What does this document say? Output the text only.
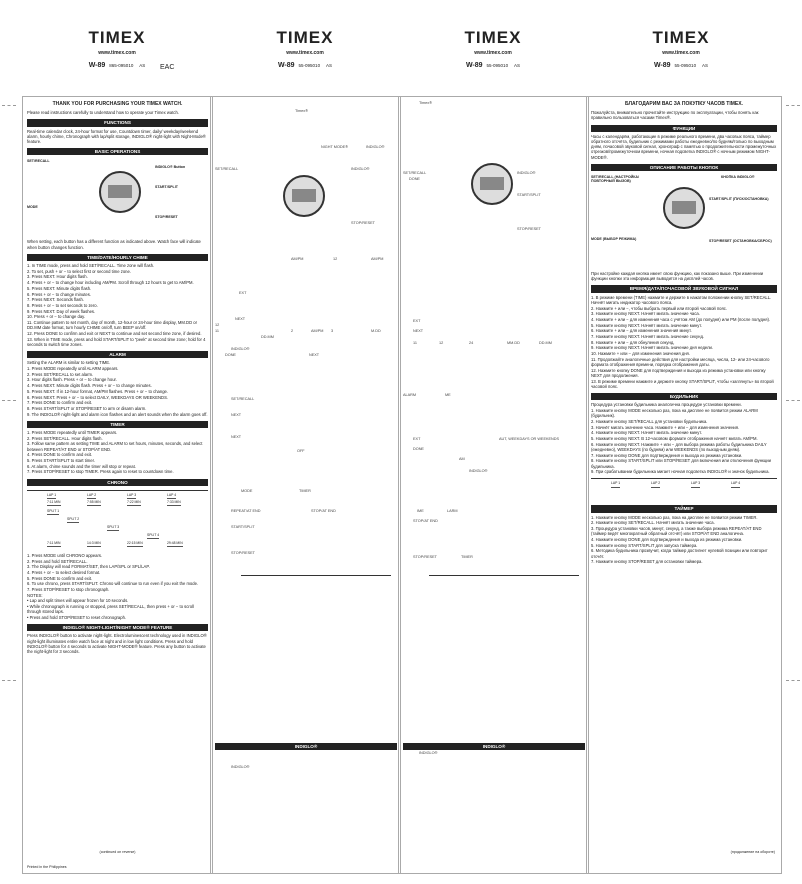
TIMEX
www.timex.com
W-89 865-095010 AS	EAC
TIMEX
www.timex.com
W-89 55-095010 AS
TIMEX
www.timex.com
W-89 55-095010 AS
TIMEX
www.timex.com
W-89 55-095010 AS
THANK YOU FOR PURCHASING YOUR TIMEX WATCH.
Please read instructions carefully to understand how to operate your Timex watch.
FUNCTIONS
Real-time calendar clock, 24-hour format for use, Countdown timer, daily/ weekday/weekend alarm, hourly chime, Chronograph with lap/split storage, INDIGLO® night-light with Night-Mode® feature.
BASIC OPERATIONS
SET/RECALL
INDIGLO® Button
START/SPLIT
MODE
STOP/RESET
When setting, each button has a different function as indicated above. Watch face will indicate when button changes function.
TIME/DATE/HOURLY CHIME
1. In TIME mode, press and hold SET/RECALL. Time zone will flash.
2. To set, push + or − to select first or second time zone.
3. Press NEXT. Hour digits flash.
4. Press + or − to change hour including AM/PM. Scroll through 12 hours to get to AM/PM.
5. Press NEXT. Minute digits flash.
6. Press + or − to change minutes.
7. Press NEXT. Seconds flash.
8. Press + or − to set seconds to zero.
9. Press NEXT. Day of week flashes.
10. Press + or − to change day.
11. Continue pattern to set month, day of month, 12-hour or 24-hour time display, MM.DD or DD.MM date format, turn hourly CHIME on/off, turn BEEP on/off.
12. Press DONE to confirm and exit or NEXT to continue and set second time zone, if desired.
13. When in TIME mode, press and hold START/SPLIT to "peek" at second time zone; hold for 4 seconds to switch time zones.
ALARM
Setting the ALARM is similar to setting TIME.
1. Press MODE repeatedly until ALARM appears.
2. Press SET/RECALL to set alarm.
3. Hour digits flash. Press + or − to change hour.
4. Press NEXT. Minute digits flash. Press + or − to change minutes.
5. Press NEXT. If in 12-hour format, AM/PM flashes. Press + or − to change.
6. Press NEXT. Press + or − to select DAILY, WEEKDAYS OR WEEKENDS.
7. Press DONE to confirm and exit.
8. Press START/SPLIT or STOP/RESET to arm or disarm alarm.
9. The INDIGLO® night-light and alarm icon flashes and an alert sounds when the alarm goes off.
TIMER
1. Press MODE repeatedly until TIMER appears.
2. Press SET/RECALL. Hour digits flash.
3. Follow same pattern as setting TIME and ALARM to set hours, minutes, seconds, and select between REPEAT/AT END or STOP/AT END.
4. Press DONE to confirm and exit.
5. Press START/SPLIT to start timer.
6. At alarm, chime sounds and the timer will stop or repeat.
7. Press STOP/RESET to stop TIMER. Press again to reset to countdown time.
CHRONO
LAP 1	LAP 2	LAP 3	LAP 4
7:11 MIN	7:55 MIN	7:22 MIN	7:33 MIN
SPLIT 1
SPLIT 2
SPLIT 3
SPLIT 4
7:11 MIN	14:3 MIN	22:15 MIN	29:48 MIN
1. Press MODE until CHRONO appears.
2. Press and hold SET/RECALL.
3. The Display will read FORMAT/SET, then LAP/SPL or SPL/LAP.
4. Press + or − to select desired format.
5. Press DONE to confirm and exit.
6. To use chrono, press START/SPLIT. Chrono will continue to run even if you exit the mode.
7. Press STOP/RESET to stop chronograph.
NOTES:
• Lap and split times will appear frozen for 10 seconds.
• While chronograph is running or stopped, press SET/RECALL, then press + or − to scroll through stored laps.
• Press and hold STOP/RESET to reset chronograph.
INDIGLO® NIGHT-LIGHT/NIGHT MODE® FEATURE
Press INDIGLO® button to activate night-light. Electroluminescent technology used in INDIGLO® night-light illuminates entire watch face at night and in low light conditions. Press and hold INDIGLO® button for 4 seconds to activate NIGHT-MODE® feature. Press any button to activate the night-light for 3 seconds.
(continued on reverse)
Printed in the Philippines
Timex®
NIGHT MODE®	INDIGLO®
SET/RECALL	INDIGLO®
STOP/RESET
AM/PM	12	AM/PM
EXT
NEXT
12
11	2	AM/PM
DD.MM
3	M.DD
INDIGLO®
DONE	NEXT
SET/RECALL
NEXT
NEXT
OFF
MODE	TIMER
REPEAT/AT END	STOP/AT END
START/SPLIT
STOP/RESET
INDIGLO®
INDIGLO®
Timex®
SET/RECALL
DONE
INDIGLO®
START/SPLIT
STOP/RESET
EXT
NEXT
11	12	24	MM.DD	DD.MM
ALARM	ME
EXT
DONE
AM
AUT, WEEKDAYS OR WEEKENDS
INDIGLO®
IME	LARM
STOP/AT END
STOP/RESET	TIMER
INDIGLO®
INDIGLO®
БЛАГОДАРИМ ВАС ЗА ПОКУПКУ ЧАСОВ TIMEX.
Пожалуйста, внимательно прочитайте инструкцию по эксплуатации, чтобы понять как правильно пользоваться часами Timex®.
ФУНКЦИИ
Часы с календарём, работающие в режиме реального времени, два часовых пояса, таймер обратного отсчёта, будильник с режимами работы ежедневно/по будням/только по выходным дням, почасовой звуковой сигнал, хронограф с памятью о продолжительности промежуточных отрезков/промежуточном времени, ночная подсветка INDIGLO® с ночным режимом NIGHT-MODE®.
ОПИСАНИЕ РАБОТЫ КНОПОК
SET/RECALL (НАСТРОЙКА/ПОВТОРНЫЙ ВЫЗОВ)
КНОПКА INDIGLO®
START/SPLIT (ПУСК/ОСТАНОВКА)
MODE (ВЫБОР РЕЖИМА)	STOP/RESET (ОСТАНОВКА/СБРОС)
При настройке каждая кнопка имеет свою функцию, как показано выше. При изменении функции кнопки эта информация выводится на дисплей часов.
ВРЕМЯ/ДАТА/ПОЧАСОВОЙ ЗВУКОВОЙ СИГНАЛ
1. В режиме времени (TIME) нажмите и держите в нажатом положении кнопку SET/RECALL. Начнёт мигать индикатор часового пояса.
2. Нажмите + или −, чтобы выбрать первый или второй часовой пояс.
3. Нажмите кнопку NEXT. Начнёт мигать значение часа.
4. Нажмите + или − для изменения часа с учётом AM (до полудня) или PM (после полудня).
5. Нажмите кнопку NEXT. Начнёт мигать значение минут.
6. Нажмите + или − для изменения значения минут.
7. Нажмите кнопку NEXT. Начнёт мигать значение секунд.
8. Нажмите + или − для обнуления секунд.
9. Нажмите кнопку NEXT. Начнёт мигать значение дня недели.
10. Нажмите + или − для изменения значения дня.
11. Продолжайте аналогичные действия для настройки месяца, числа, 12- или 24-часового формата отображения времени, порядка отображения даты.
12. Нажмите кнопку DONE для подтверждения и выхода из режима установки или кнопку NEXT для продолжения.
13. В режиме времени нажмите и держите кнопку START/SPLIT, чтобы «заглянуть» во второй часовой пояс.
БУДИЛЬНИК
Процедура установки будильника аналогична процедуре установки времени.
1. Нажмите кнопку MODE несколько раз, пока на дисплее не появится режим ALARM (будильник).
2. Нажмите кнопку SET/RECALL для установки будильника.
3. Начнёт мигать значение часа. Нажмите + или − для изменения значения.
4. Нажмите кнопку NEXT. Начнёт мигать значение минут.
5. Нажмите кнопку NEXT. В 12-часовом формате отображения начнёт мигать AM/PM.
6. Нажмите кнопку NEXT. Нажмите + или − для выбора режима работы будильника DAILY (ежедневно), WEEKDAYS (по будням) или WEEKENDS (по выходным дням).
7. Нажмите кнопку DONE для подтверждения и выхода из режима установки.
8. Нажмите кнопку START/SPLIT или STOP/RESET для включения или отключения функции будильника.
9. При срабатывании будильника мигает ночная подсветка INDIGLO® и значок будильника.
LAP 1	LAP 2	LAP 3	LAP 4
ТАЙМЕР
1. Нажмите кнопку MODE несколько раз, пока на дисплее не появится режим TIMER.
2. Нажмите кнопку SET/RECALL. Начнёт мигать значение часа.
3. Процедура установки часов, минут, секунд, а также выбора режима REPEAT/AT END (таймер ведёт многократный обратный отсчёт) или STOP/AT END аналогична.
4. Нажмите кнопку DONE для подтверждения и выхода из режима установки.
5. Нажмите кнопку START/SPLIT для запуска таймера.
6. Методика будильника прозвучит, когда таймер достигнет нулевой позиции или повторит отсчёт.
7. Нажмите кнопку STOP/RESET для остановки таймера.
(продолжение на обороте)
